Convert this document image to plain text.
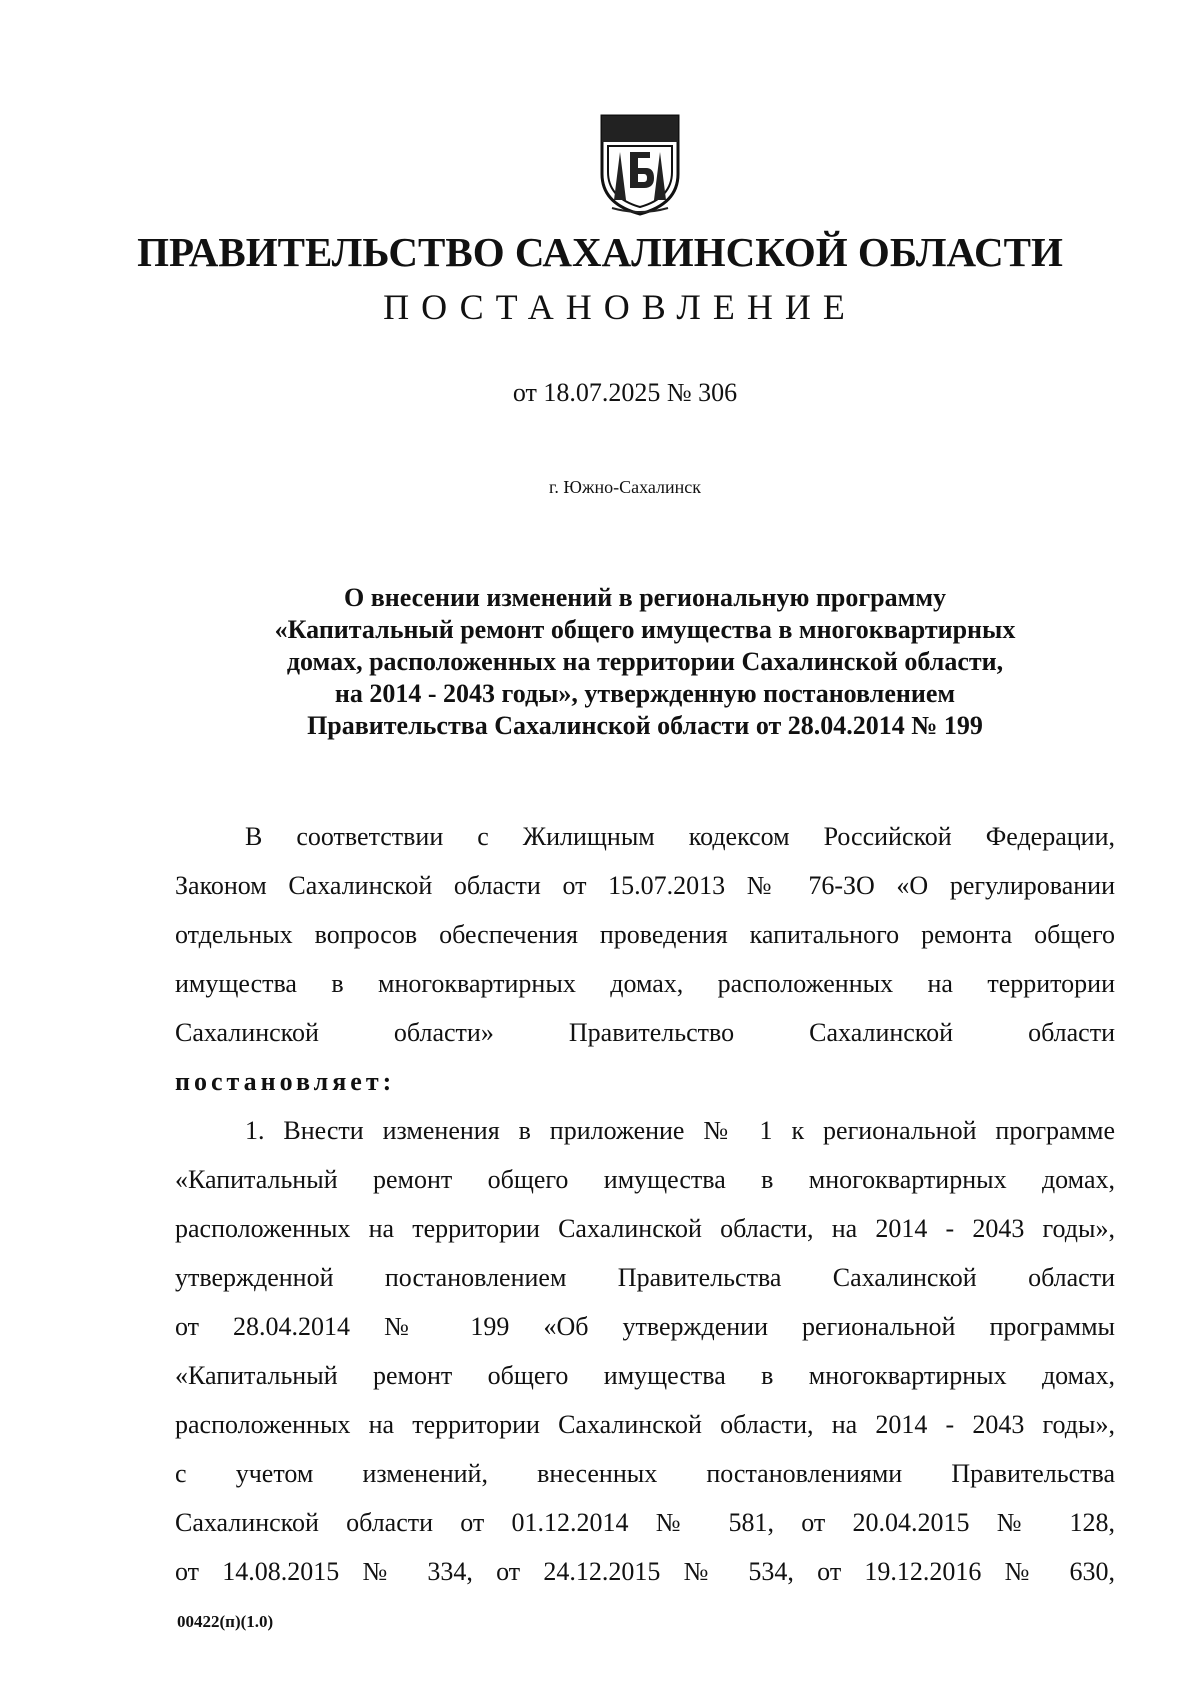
ПРАВИТЕЛЬСТВО САХАЛИНСКОЙ ОБЛАСТИ
ПОСТАНОВЛЕНИЕ
от 18.07.2025 № 306
г. Южно-Сахалинск
О внесении изменений в региональную программу
«Капитальный ремонт общего имущества в многоквартирных
домах, расположенных на территории Сахалинской области,
на 2014 - 2043 годы», утвержденную постановлением
Правительства Сахалинской области от 28.04.2014 № 199
В соответствии с Жилищным кодексом Российской Федерации,
Законом Сахалинской области от 15.07.2013 № 76-ЗО «О регулировании
отдельных вопросов обеспечения проведения капитального ремонта общего
имущества в многоквартирных домах, расположенных на территории
Сахалинской области» Правительство Сахалинской области
постановляет:
1. Внести изменения в приложение № 1 к региональной программе
«Капитальный ремонт общего имущества в многоквартирных домах,
расположенных на территории Сахалинской области, на 2014 - 2043 годы»,
утвержденной постановлением Правительства Сахалинской области
от 28.04.2014 № 199 «Об утверждении региональной программы
«Капитальный ремонт общего имущества в многоквартирных домах,
расположенных на территории Сахалинской области, на 2014 - 2043 годы»,
с учетом изменений, внесенных постановлениями Правительства
Сахалинской области от 01.12.2014 № 581, от 20.04.2015 № 128,
от 14.08.2015 № 334, от 24.12.2015 № 534, от 19.12.2016 № 630,
00422(п)(1.0)
